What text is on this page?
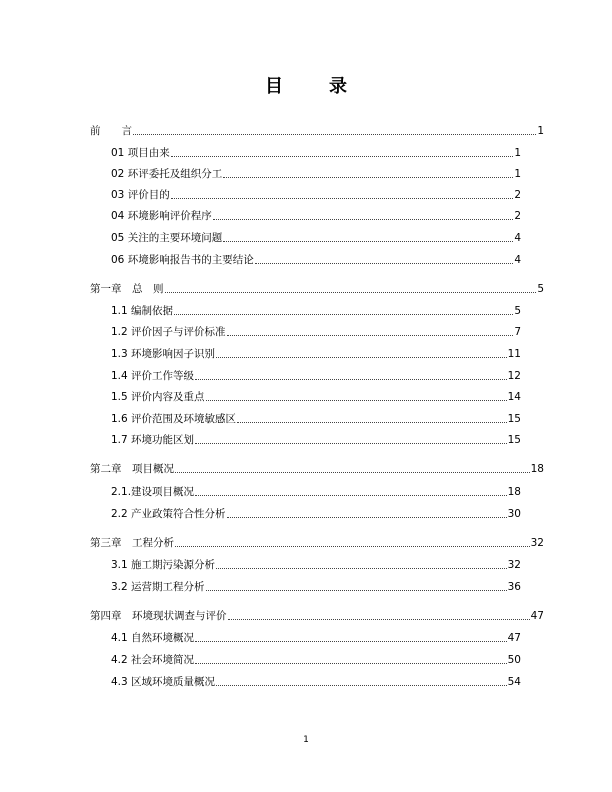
目　录
前　　言	1
01 项目由来	1
02 环评委托及组织分工	1
03 评价目的	2
04 环境影响评价程序	2
05 关注的主要环境问题	4
06 环境影响报告书的主要结论	4
第一章　总　则	5
1.1 编制依据	5
1.2 评价因子与评价标准	7
1.3 环境影响因子识别	11
1.4 评价工作等级	12
1.5 评价内容及重点	14
1.6 评价范围及环境敏感区	15
1.7 环境功能区划	15
第二章　项目概况	18
2.1.建设项目概况	18
2.2 产业政策符合性分析	30
第三章　工程分析	32
3.1 施工期污染源分析	32
3.2 运营期工程分析	36
第四章　环境现状调查与评价	47
4.1 自然环境概况	47
4.2 社会环境简况	50
4.3 区域环境质量概况	54
1
